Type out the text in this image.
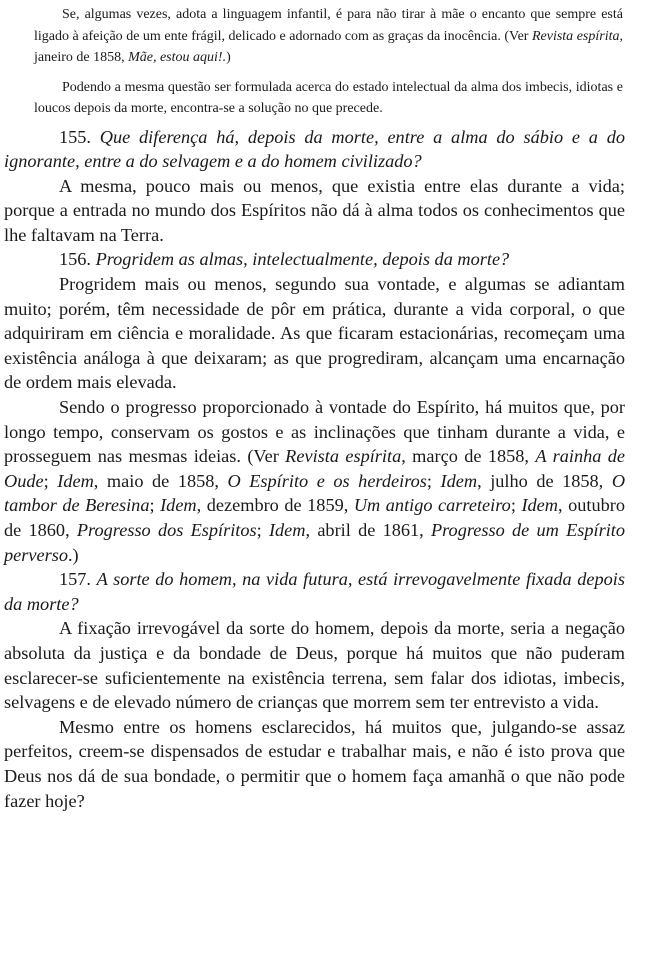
Se, algumas vezes, adota a linguagem infantil, é para não tirar à mãe o encanto que sempre está ligado à afeição de um ente frágil, delicado e adornado com as graças da inocência. (Ver Revista espírita, janeiro de 1858, Mãe, estou aqui!.)

Podendo a mesma questão ser formulada acerca do estado intelectual da alma dos imbecis, idiotas e loucos depois da morte, encontra-se a solução no que precede.

155. Que diferença há, depois da morte, entre a alma do sábio e a do ignorante, entre a do selvagem e a do homem civilizado?

A mesma, pouco mais ou menos, que existia entre elas durante a vida; porque a entrada no mundo dos Espíritos não dá à alma todos os conhecimentos que lhe faltavam na Terra.

156. Progridem as almas, intelectualmente, depois da morte?

Progridem mais ou menos, segundo sua vontade, e algumas se adiantam muito; porém, têm necessidade de pôr em prática, durante a vida corporal, o que adquiriram em ciência e moralidade. As que ficaram estacionárias, recomeçam uma existência análoga à que deixaram; as que progrediram, alcançam uma encarnação de ordem mais elevada.

Sendo o progresso proporcionado à vontade do Espírito, há muitos que, por longo tempo, conservam os gostos e as inclinações que tinham durante a vida, e prosseguem nas mesmas ideias. (Ver Revista espírita, março de 1858, A rainha de Oude; Idem, maio de 1858, O Espírito e os herdeiros; Idem, julho de 1858, O tambor de Beresina; Idem, dezembro de 1859, Um antigo carreteiro; Idem, outubro de 1860, Progresso dos Espíritos; Idem, abril de 1861, Progresso de um Espírito perverso.)

157. A sorte do homem, na vida futura, está irrevogavelmente fixada depois da morte?

A fixação irrevogável da sorte do homem, depois da morte, seria a negação absoluta da justiça e da bondade de Deus, porque há muitos que não puderam esclarecer-se suficientemente na existência terrena, sem falar dos idiotas, imbecis, selvagens e de elevado número de crianças que morrem sem ter entrevisto a vida.

Mesmo entre os homens esclarecidos, há muitos que, julgando-se assaz perfeitos, creem-se dispensados de estudar e trabalhar mais, e não é isto prova que Deus nos dá de sua bondade, o permitir que o homem faça amanhã o que não pode fazer hoje?
